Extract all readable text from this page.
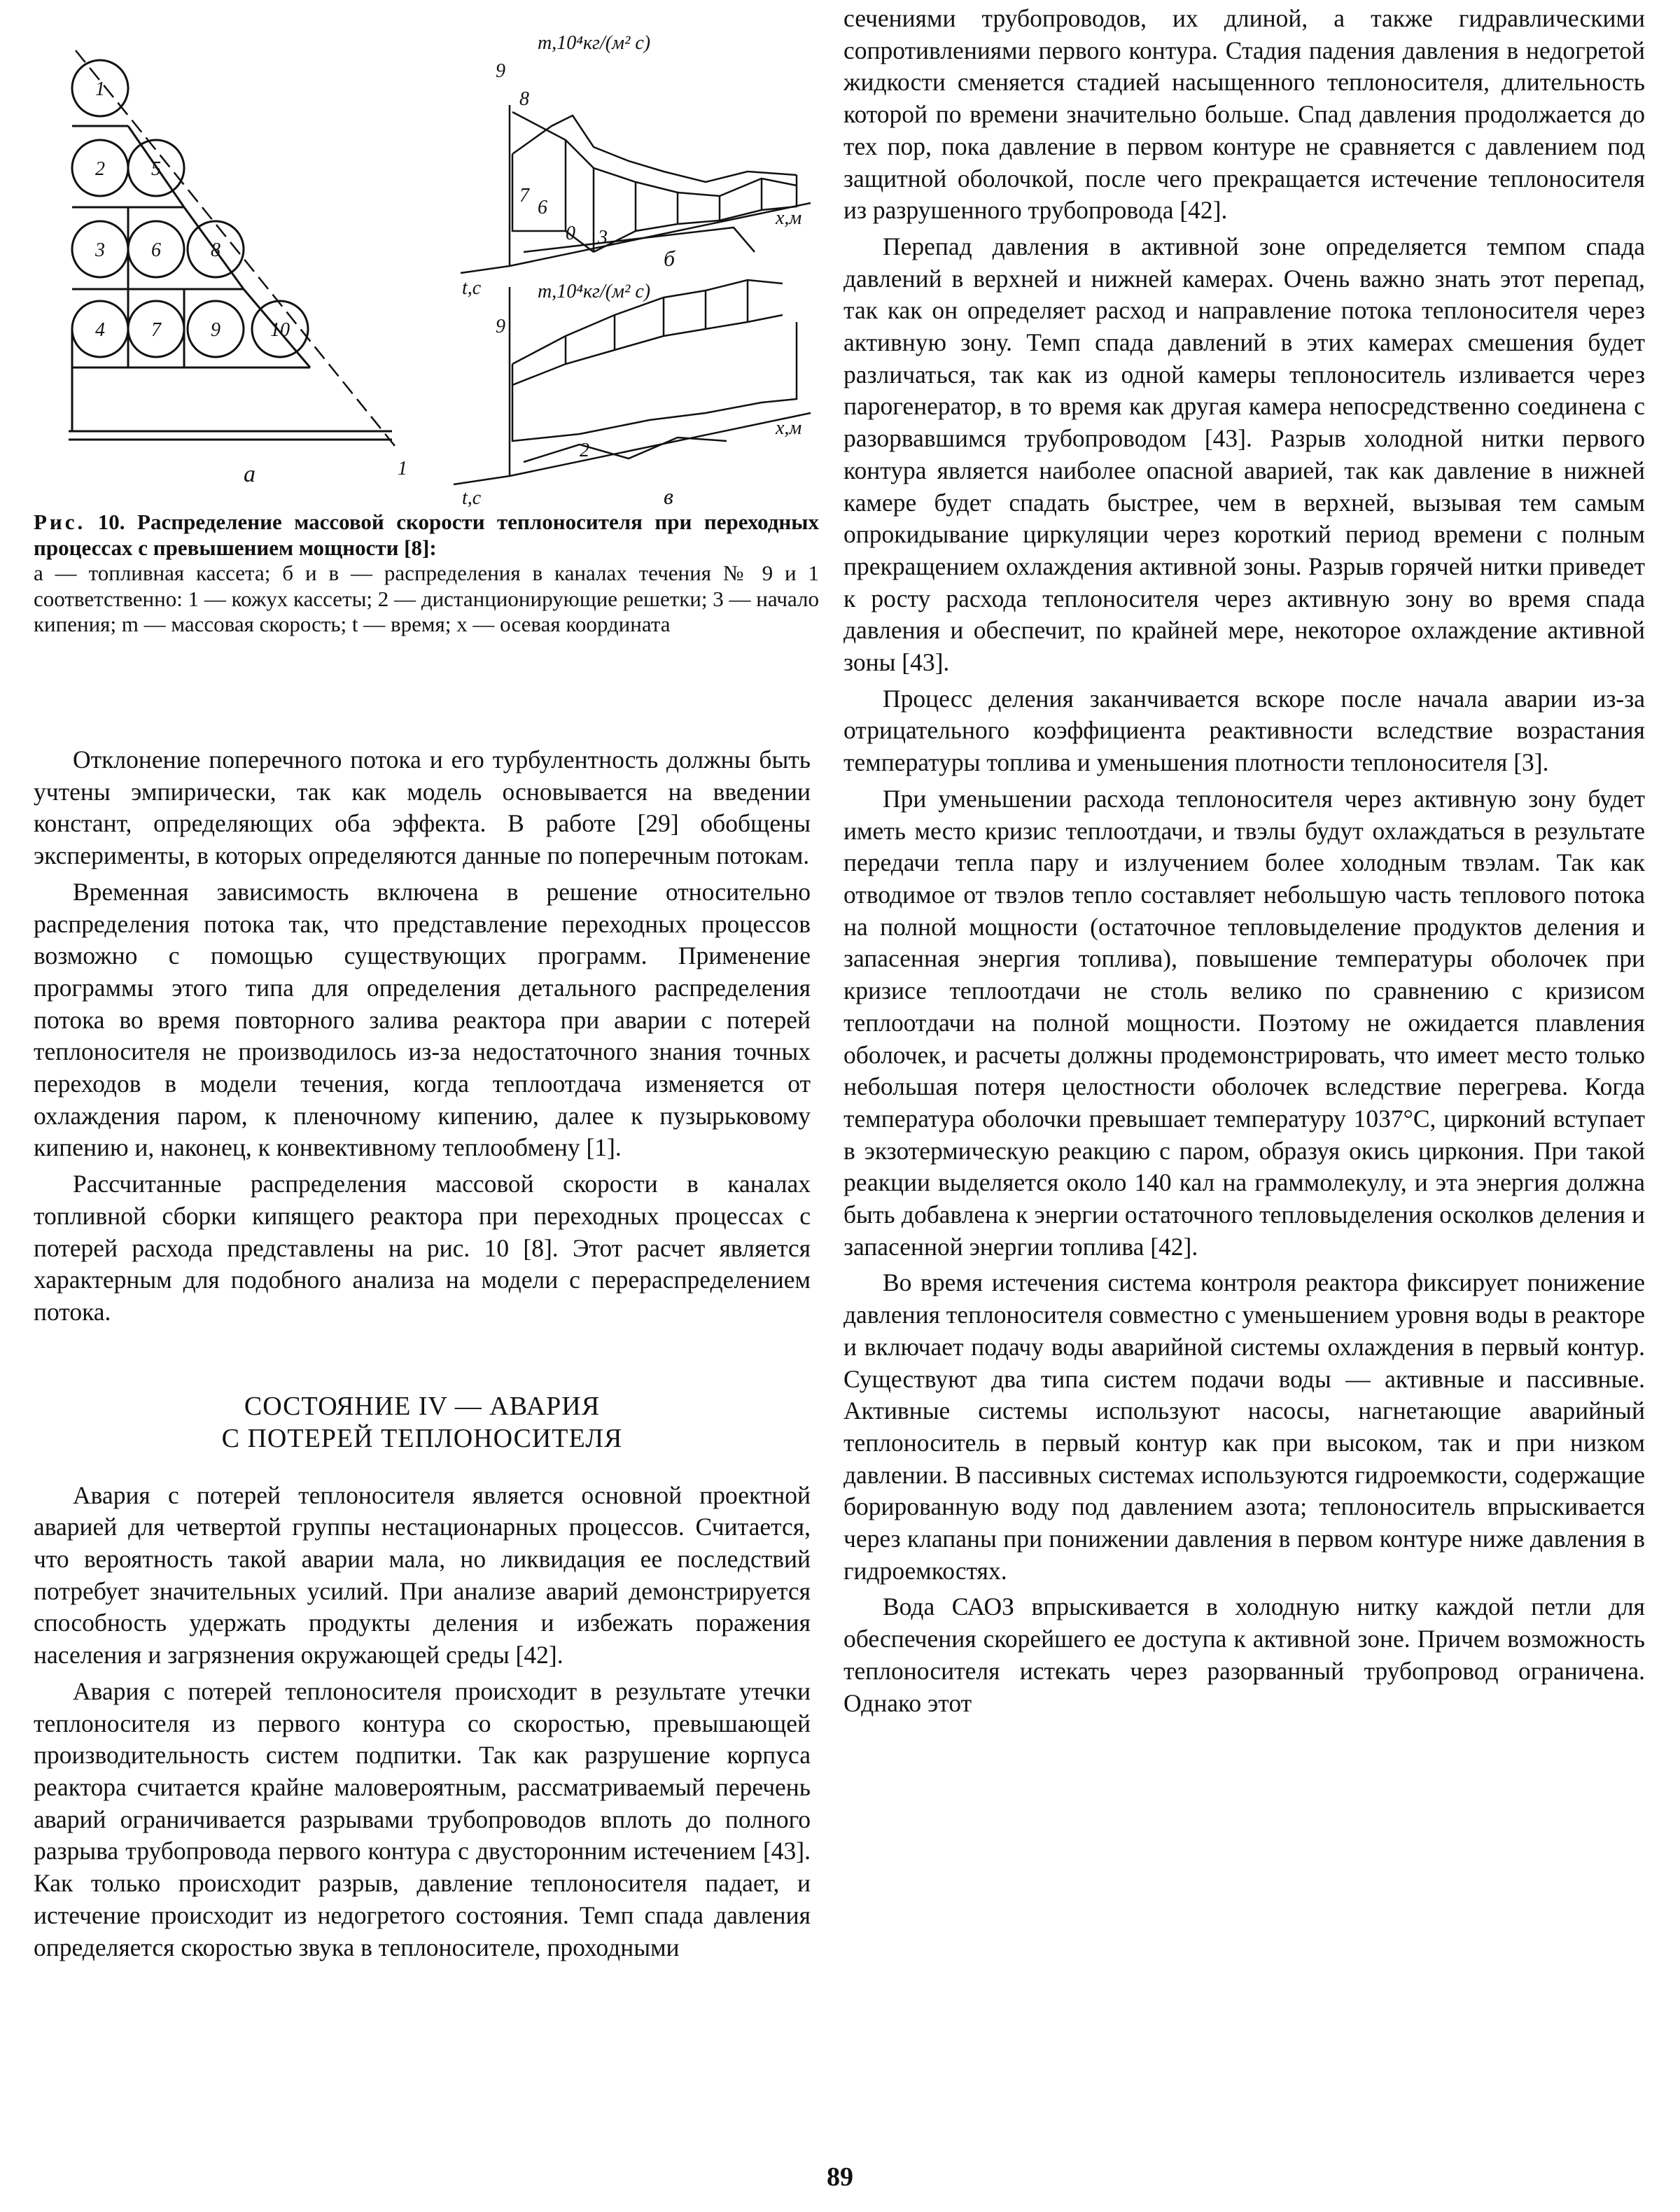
1
2
3
4
5
6
7
8
9	10
а	1
m,10⁴кг/(м² с)
9
8
7
6
0
x,м
t,c
б
3
m,10⁴кг/(м² с)
9
x,м
t,c	в
2

Рис. 10. Распределение массовой скорости теплоносителя при переходных процессах с превышением мощности [8]:

а — топливная кассета; б и в — распределения в каналах течения № 9 и 1 соответственно: 1 — кожух кассеты; 2 — дистанционирующие решетки; 3 — начало кипения; m — массовая скорость; t — время; x — осевая координата

Отклонение поперечного потока и его турбулентность должны быть учтены эмпирически, так как модель основывается на введении констант, определяющих оба эффекта. В работе [29] обобщены эксперименты, в которых определяются данные по поперечным потокам.

Временная зависимость включена в решение относительно распределения потока так, что представление переходных процессов возможно с помощью существующих программ. Применение программы этого типа для определения детального распределения потока во время повторного залива реактора при аварии с потерей теплоносителя не производилось из-за недостаточного знания точных переходов в модели течения, когда теплоотдача изменяется от охлаждения паром, к пленочному кипению, далее к пузырьковому кипению и, наконец, к конвективному теплообмену [1].

Рассчитанные распределения массовой скорости в каналах топливной сборки кипящего реактора при переходных процессах с потерей расхода представлены на рис. 10 [8]. Этот расчет является характерным для подобного анализа на модели с перераспределением потока.

СОСТОЯНИЕ IV — АВАРИЯ

С ПОТЕРЕЙ ТЕПЛОНОСИТЕЛЯ

Авария с потерей теплоносителя является основной проектной аварией для четвертой группы нестационарных процессов. Считается, что вероятность такой аварии мала, но ликвидация ее последствий потребует значительных усилий. При анализе аварий демонстрируется способность удержать продукты деления и избежать поражения населения и загрязнения окружающей среды [42].

Авария с потерей теплоносителя происходит в результате утечки теплоносителя из первого контура со скоростью, превышающей производительность систем подпитки. Так как разрушение корпуса реактора считается крайне маловероятным, рассматриваемый перечень аварий ограничивается разрывами трубопроводов вплоть до полного разрыва трубопровода первого контура с двусторонним истечением [43]. Как только происходит разрыв, давление теплоносителя падает, и истечение происходит из недогретого состояния. Темп спада давления определяется скоростью звука в теплоносителе, проходными

сечениями трубопроводов, их длиной, а также гидравлическими сопротивлениями первого контура. Стадия падения давления в недогретой жидкости сменяется стадией насыщенного теплоносителя, длительность которой по времени значительно больше. Спад давления продолжается до тех пор, пока давление в первом контуре не сравняется с давлением под защитной оболочкой, после чего прекращается истечение теплоносителя из разрушенного трубопровода [42].

Перепад давления в активной зоне определяется темпом спада давлений в верхней и нижней камерах. Очень важно знать этот перепад, так как он определяет расход и направление потока теплоносителя через активную зону. Темп спада давлений в этих камерах смешения будет различаться, так как из одной камеры теплоноситель изливается через парогенератор, в то время как другая камера непосредственно соединена с разорвавшимся трубопроводом [43]. Разрыв холодной нитки первого контура является наиболее опасной аварией, так как давление в нижней камере будет спадать быстрее, чем в верхней, вызывая тем самым опрокидывание циркуляции через короткий период времени с полным прекращением охлаждения активной зоны. Разрыв горячей нитки приведет к росту расхода теплоносителя через активную зону во время спада давления и обеспечит, по крайней мере, некоторое охлаждение активной зоны [43].

Процесс деления заканчивается вскоре после начала аварии из-за отрицательного коэффициента реактивности вследствие возрастания температуры топлива и уменьшения плотности теплоносителя [3].

При уменьшении расхода теплоносителя через активную зону будет иметь место кризис теплоотдачи, и твэлы будут охлаждаться в результате передачи тепла пару и излучением более холодным твэлам. Так как отводимое от твэлов тепло составляет небольшую часть теплового потока на полной мощности (остаточное тепловыделение продуктов деления и запасенная энергия топлива), повышение температуры оболочек при кризисе теплоотдачи не столь велико по сравнению с кризисом теплоотдачи на полной мощности. Поэтому не ожидается плавления оболочек, и расчеты должны продемонстрировать, что имеет место только небольшая потеря целостности оболочек вследствие перегрева. Когда температура оболочки превышает температуру 1037°С, цирконий вступает в экзотермическую реакцию с паром, образуя окись циркония. При такой реакции выделяется около 140 кал на граммолекулу, и эта энергия должна быть добавлена к энергии остаточного тепловыделения осколков деления и запасенной энергии топлива [42].

Во время истечения система контроля реактора фиксирует понижение давления теплоносителя совместно с уменьшением уровня воды в реакторе и включает подачу воды аварийной системы охлаждения в первый контур. Существуют два типа систем подачи воды — активные и пассивные. Активные системы используют насосы, нагнетающие аварийный теплоноситель в первый контур как при высоком, так и при низком давлении. В пассивных системах используются гидроемкости, содержащие борированную воду под давлением азота; теплоноситель впрыскивается через клапаны при понижении давления в первом контуре ниже давления в гидроемкостях.

Вода САОЗ впрыскивается в холодную нитку каждой петли для обеспечения скорейшего ее доступа к активной зоне. Причем возможность теплоносителя истекать через разорванный трубопровод ограничена. Однако этот

89
